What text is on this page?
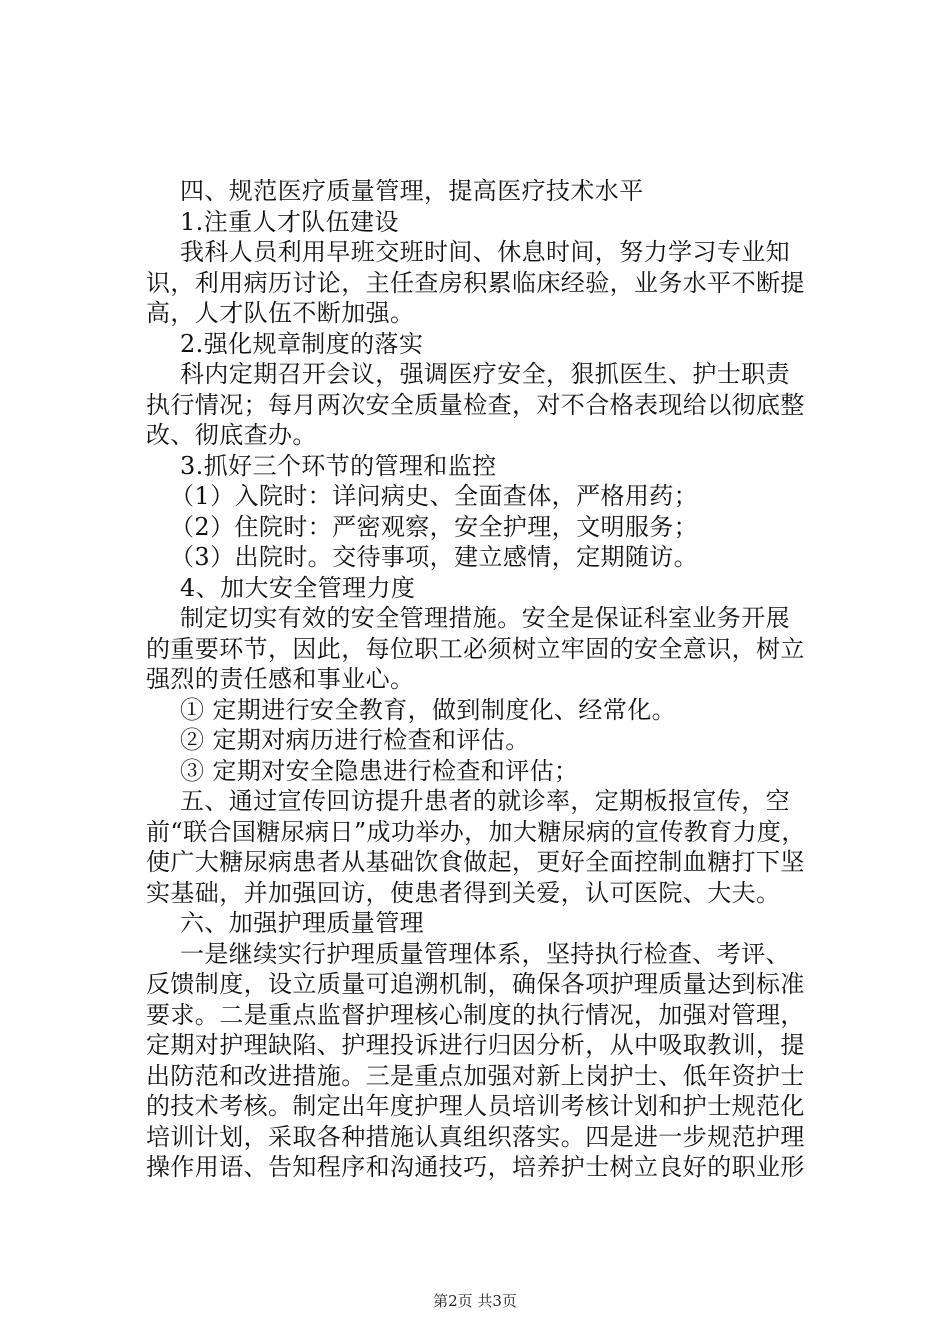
四、规范医疗质量管理，提高医疗技术水平
1.注重人才队伍建设
我科人员利用早班交班时间、休息时间，努力学习专业知
识，利用病历讨论，主任查房积累临床经验，业务水平不断提
高，人才队伍不断加强。
2.强化规章制度的落实
科内定期召开会议，强调医疗安全，狠抓医生、护士职责
执行情况；每月两次安全质量检查，对不合格表现给以彻底整
改、彻底查办。
3.抓好三个环节的管理和监控
（1）入院时：详问病史、全面查体，严格用药；
（2）住院时：严密观察，安全护理，文明服务；
（3）出院时。交待事项，建立感情，定期随访。
4、加大安全管理力度
制定切实有效的安全管理措施。安全是保证科室业务开展
的重要环节，因此，每位职工必须树立牢固的安全意识，树立
强烈的责任感和事业心。
① 定期进行安全教育，做到制度化、经常化。
② 定期对病历进行检查和评估。
③ 定期对安全隐患进行检查和评估；
五、通过宣传回访提升患者的就诊率，定期板报宣传，空
前“联合国糖尿病日”成功举办，加大糖尿病的宣传教育力度，
使广大糖尿病患者从基础饮食做起，更好全面控制血糖打下坚
实基础，并加强回访，使患者得到关爱，认可医院、大夫。
六、加强护理质量管理
一是继续实行护理质量管理体系，坚持执行检查、考评、
反馈制度，设立质量可追溯机制，确保各项护理质量达到标准
要求。二是重点监督护理核心制度的执行情况，加强对管理，
定期对护理缺陷、护理投诉进行归因分析，从中吸取教训，提
出防范和改进措施。三是重点加强对新上岗护士、低年资护士
的技术考核。制定出年度护理人员培训考核计划和护士规范化
培训计划，采取各种措施认真组织落实。四是进一步规范护理
操作用语、告知程序和沟通技巧，培养护士树立良好的职业形
第2页 共3页
